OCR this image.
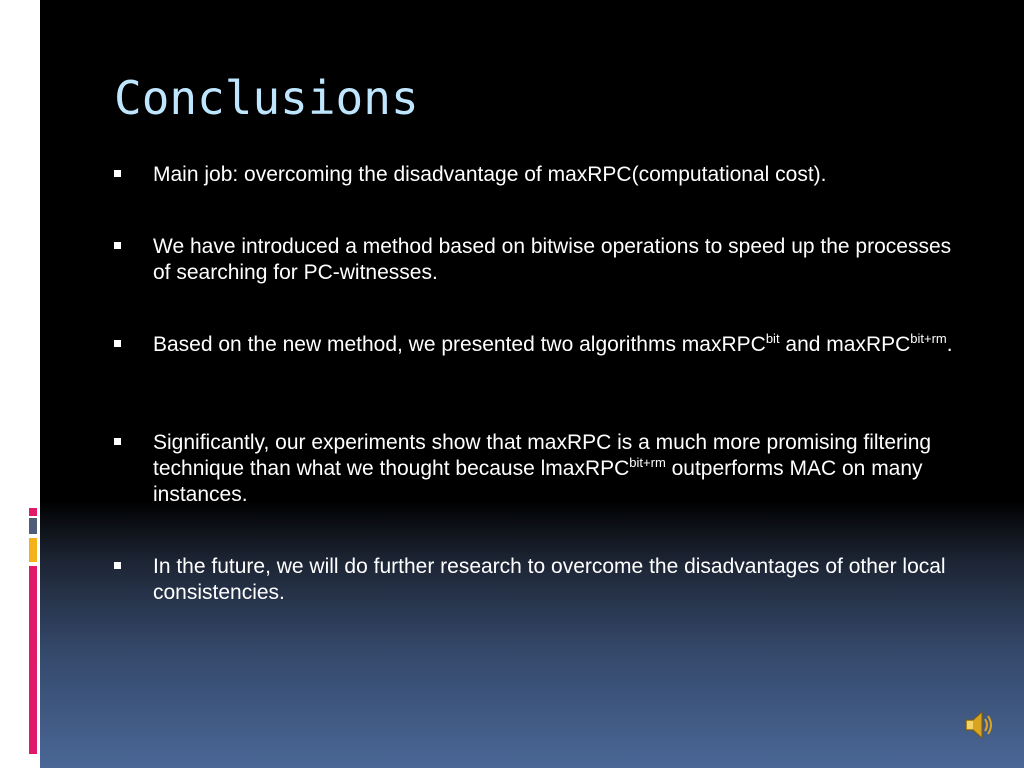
Conclusions
Main job: overcoming the disadvantage of maxRPC(computational cost).
We have introduced a method based on bitwise operations to speed up the processes of searching for PC-witnesses.
Based on the new method, we presented two algorithms maxRPC$^{bit}$ and maxRPC$^{bit+rm}$.
Significantly, our experiments show that maxRPC is a much more promising filtering technique than what we thought because lmaxRPC$^{bit+rm}$ outperforms MAC on many instances.
In the future, we will do further research to overcome the disadvantages of other local consistencies.
